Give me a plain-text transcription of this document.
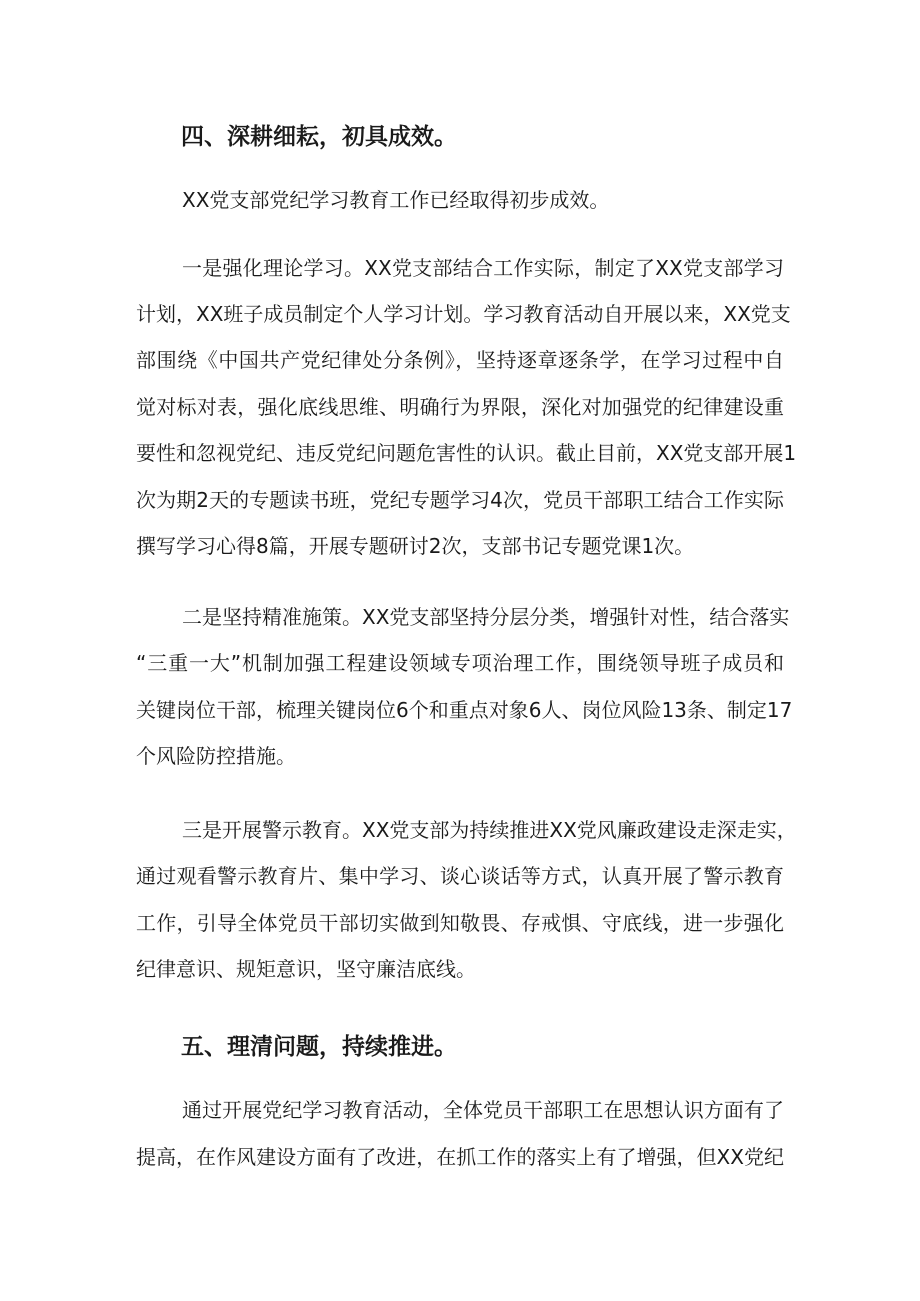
四、深耕细耘，初具成效。

XX党支部党纪学习教育工作已经取得初步成效。

一是强化理论学习。XX党支部结合工作实际，制定了XX党支部学习

计划，XX班子成员制定个人学习计划。学习教育活动自开展以来，XX党支

部围绕《中国共产党纪律处分条例》，坚持逐章逐条学，在学习过程中自

觉对标对表，强化底线思维、明确行为界限，深化对加强党的纪律建设重

要性和忽视党纪、违反党纪问题危害性的认识。截止目前，XX党支部开展1

次为期2天的专题读书班，党纪专题学习4次，党员干部职工结合工作实际

撰写学习心得8篇，开展专题研讨2次，支部书记专题党课1次。

二是坚持精准施策。XX党支部坚持分层分类，增强针对性，结合落实

“三重一大”机制加强工程建设领域专项治理工作，围绕领导班子成员和

关键岗位干部，梳理关键岗位6个和重点对象6人、岗位风险13条、制定17

个风险防控措施。

三是开展警示教育。XX党支部为持续推进XX党风廉政建设走深走实，

通过观看警示教育片、集中学习、谈心谈话等方式，认真开展了警示教育

工作，引导全体党员干部切实做到知敬畏、存戒惧、守底线，进一步强化

纪律意识、规矩意识，坚守廉洁底线。

五、理清问题，持续推进。

通过开展党纪学习教育活动，全体党员干部职工在思想认识方面有了

提高，在作风建设方面有了改进，在抓工作的落实上有了增强，但XX党纪
